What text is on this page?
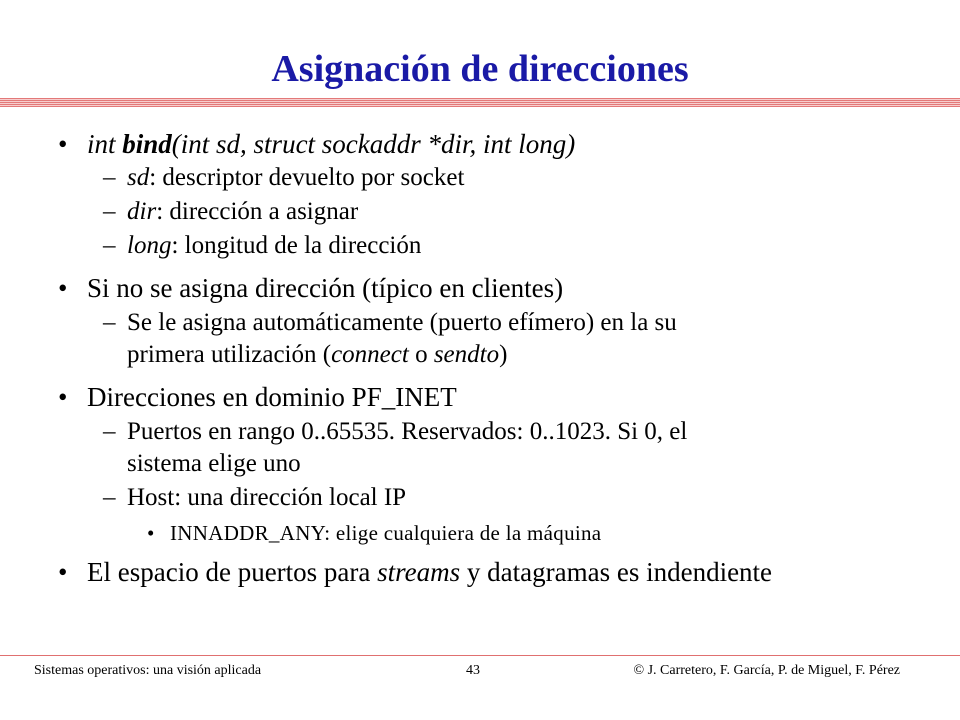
Asignación de direcciones
• int bind(int sd, struct sockaddr *dir, int long)
– sd: descriptor devuelto por socket
– dir: dirección a asignar
– long: longitud de la dirección
• Si no se asigna dirección (típico en clientes)
– Se le asigna automáticamente (puerto efímero) en la su
primera utilización (connect o sendto)
• Direcciones en dominio PF_INET
– Puertos en rango 0..65535. Reservados: 0..1023. Si 0, el
sistema elige uno
– Host: una dirección local IP
• INNADDR_ANY: elige cualquiera de la máquina
• El espacio de puertos para streams y datagramas es indendiente
Sistemas operativos: una visión aplicada	43	© J. Carretero, F. García, P. de Miguel, F. Pérez
